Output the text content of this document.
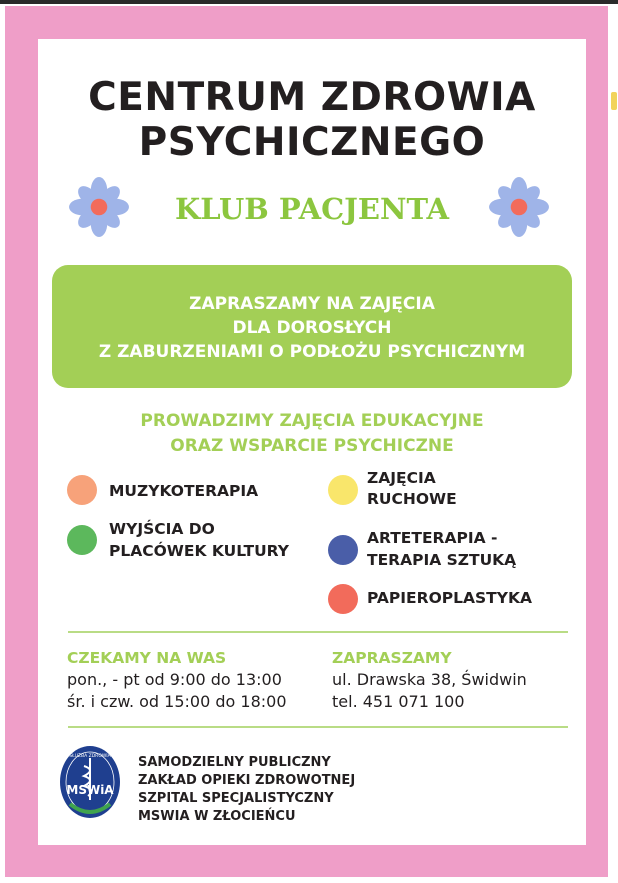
CENTRUM ZDROWIA
PSYCHICZNEGO
KLUB PACJENTA
ZAPRASZAMY NA ZAJĘCIA
DLA DOROSŁYCH
Z ZABURZENIAMI O PODŁOŻU PSYCHICZNYM
PROWADZIMY ZAJĘCIA EDUKACYJNE
ORAZ WSPARCIE PSYCHICZNE
MUZYKOTERAPIA
ZAJĘCIA
RUCHOWE
WYJŚCIA DO
PLACÓWEK KULTURY
ARTETERAPIA -
TERAPIA SZTUKĄ
PAPIEROPLASTYKA
CZEKAMY NA WAS
pon., - pt od 9:00 do 13:00
śr. i czw. od 15:00 do 18:00
ZAPRASZAMY
ul. Drawska 38, Świdwin
tel. 451 071 100
MSWiA
SŁUŻBA ZDROWIA SAMODZIELNY PUBLICZNY
ZAKŁAD OPIEKI ZDROWOTNEJ
SZPITAL SPECJALISTYCZNY
MSWIA W ZŁOCIEŃCU
